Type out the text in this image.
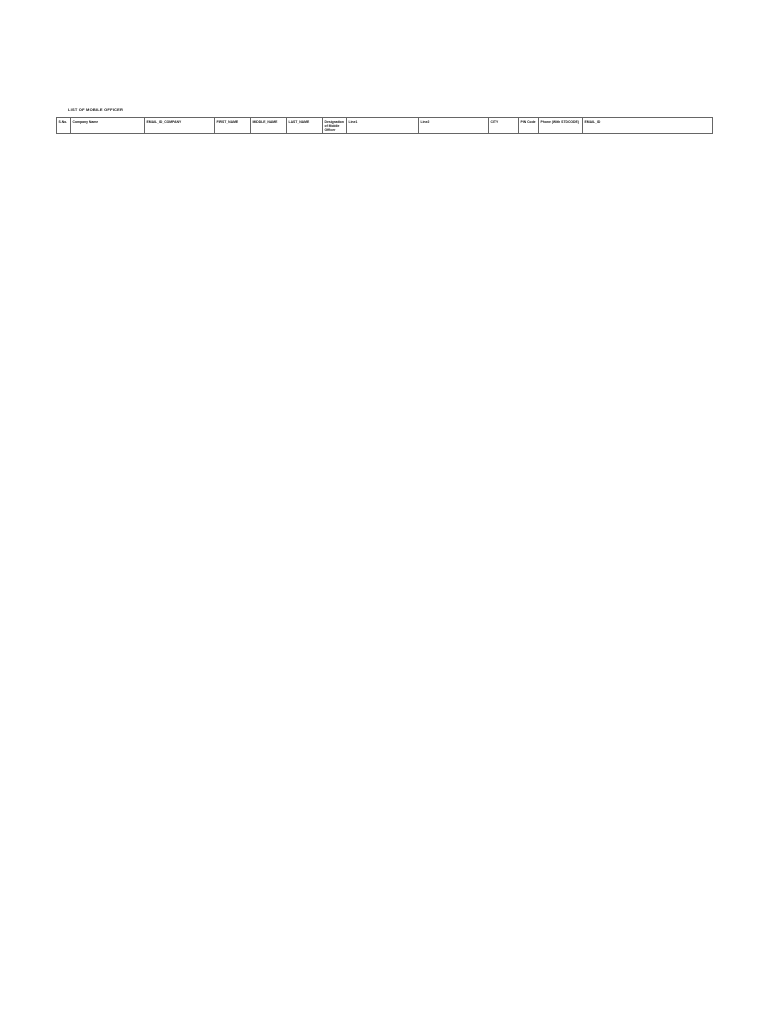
LIST OF MOBILE OFFICER
S.No.	Company Name	EMAIL_ID_COMPANY	FIRST_NAME	MIDDLE_NAME	LAST_NAME	Designation of Mobile Officer	Line1	Line2	CITY	PIN Code	Phone (With STDCODE)	EMAIL_ID
